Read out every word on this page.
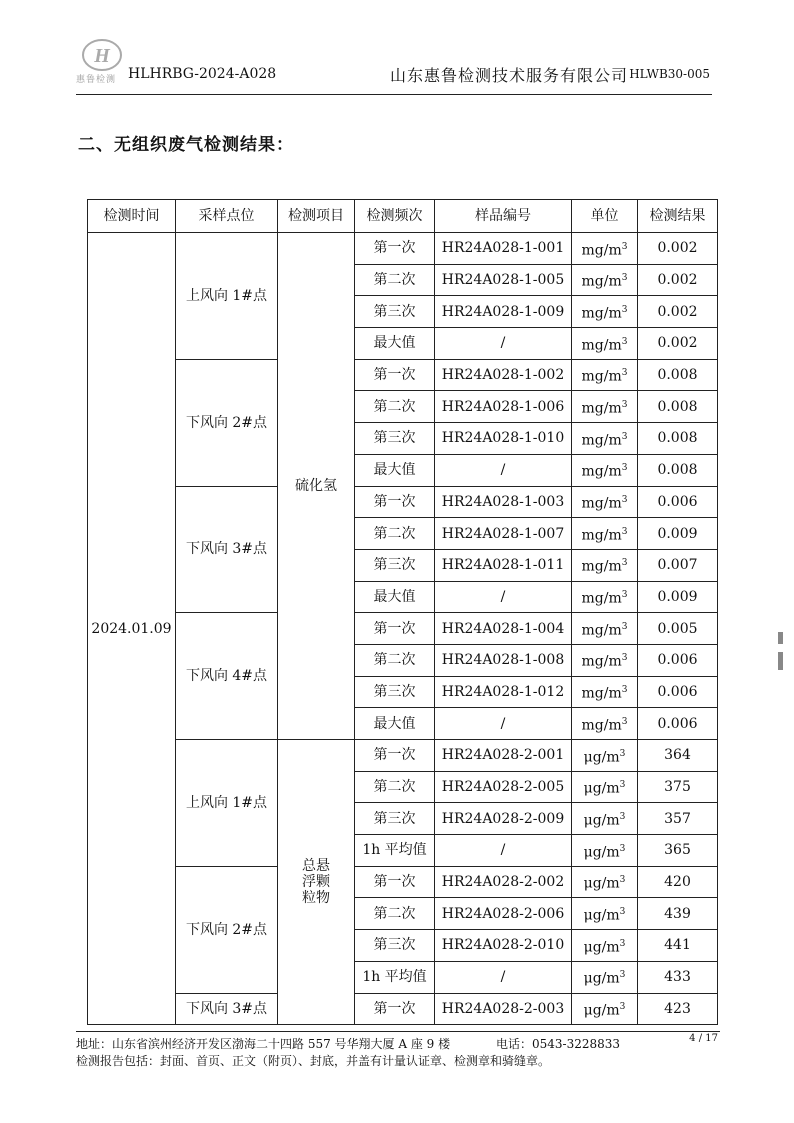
H
惠鲁检测 HLHRBG-2024-A028	山东惠鲁检测技术服务有限公司 HLWB30-005
二、无组织废气检测结果：
检测时间	采样点位	检测项目	检测频次	样品编号	单位	检测结果
2024.01.09	上风向 1#点	硫化氢	第一次	HR24A028-1-001	$mg/m^3$	0.002
			第二次	HR24A028-1-005	$mg/m^3$	0.002
			第三次	HR24A028-1-009	$mg/m^3$	0.002
			最大值	/	$mg/m^3$	0.002
	下风向 2#点		第一次	HR24A028-1-002	$mg/m^3$	0.008
			第二次	HR24A028-1-006	$mg/m^3$	0.008
			第三次	HR24A028-1-010	$mg/m^3$	0.008
			最大值	/	$mg/m^3$	0.008
	下风向 3#点		第一次	HR24A028-1-003	$mg/m^3$	0.006
			第二次	HR24A028-1-007	$mg/m^3$	0.009
			第三次	HR24A028-1-011	$mg/m^3$	0.007
			最大值	/	$mg/m^3$	0.009
	下风向 4#点		第一次	HR24A028-1-004	$mg/m^3$	0.005
			第二次	HR24A028-1-008	$mg/m^3$	0.006
			第三次	HR24A028-1-012	$mg/m^3$	0.006
			最大值	/	$mg/m^3$	0.006
	上风向 1#点	总悬浮颗粒物	第一次	HR24A028-2-001	$\mu g/m^3$	364
			第二次	HR24A028-2-005	$\mu g/m^3$	375
			第三次	HR24A028-2-009	$\mu g/m^3$	357
			1h 平均值	/	$\mu g/m^3$	365
	下风向 2#点		第一次	HR24A028-2-002	$\mu g/m^3$	420
			第二次	HR24A028-2-006	$\mu g/m^3$	439
			第三次	HR24A028-2-010	$\mu g/m^3$	441
			1h 平均值	/	$\mu g/m^3$	433
	下风向 3#点		第一次	HR24A028-2-003	$\mu g/m^3$	423
地址：山东省滨州经济开发区渤海二十四路 557 号华翔大厦 A 座 9 楼	电话：0543-3228833	4 / 17
检测报告包括：封面、首页、正文（附页）、封底，并盖有计量认证章、检测章和骑缝章。
